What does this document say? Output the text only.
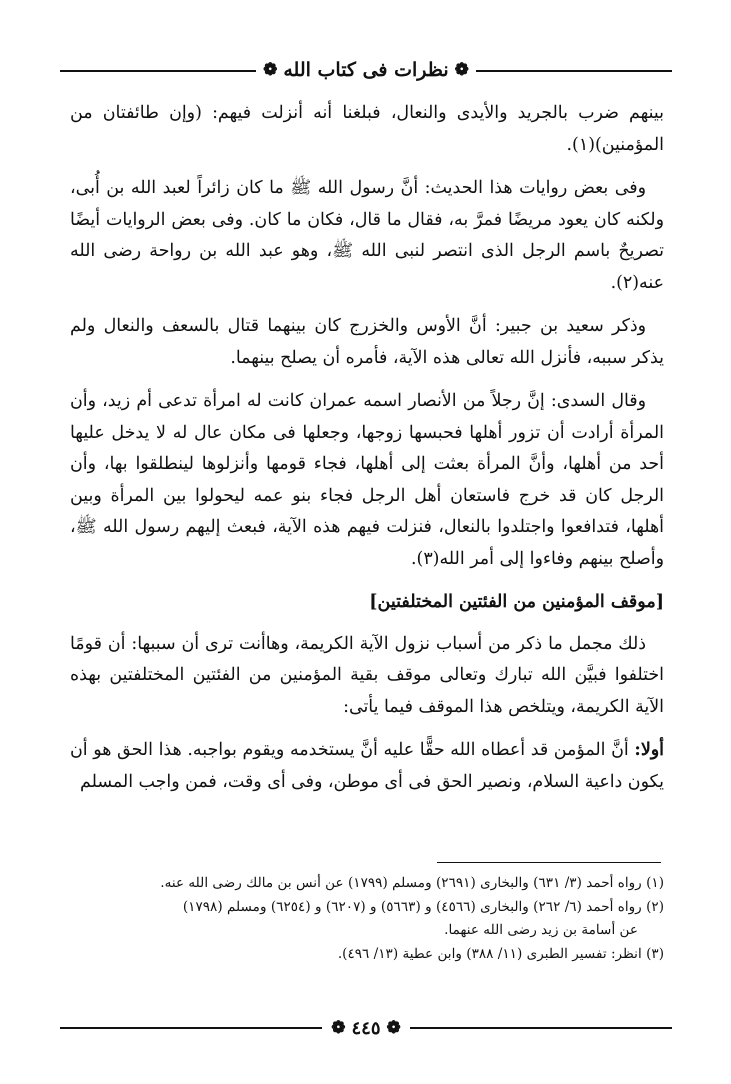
❁
نظرات فى كتاب الله
❁

بينهم ضرب بالجريد والأيدى والنعال، فبلغنا أنه أنزلت فيهم: (وإن طائفتان من المؤمنين)(١).

وفى بعض روايات هذا الحديث: أنَّ رسول الله ﷺ ما كان زائراً لعبد الله بن أُبى، ولكنه كان يعود مريضًا فمرَّ به، فقال ما قال، فكان ما كان. وفى بعض الروايات أيضًا تصريحٌ باسم الرجل الذى انتصر لنبى الله ﷺ، وهو عبد الله بن رواحة رضى الله عنه(٢).

وذكر سعيد بن جبير: أنَّ الأوس والخزرج كان بينهما قتال بالسعف والنعال ولم يذكر سببه، فأنزل الله تعالى هذه الآية، فأمره أن يصلح بينهما.

وقال السدى: إنَّ رجلاً من الأنصار اسمه عمران كانت له امرأة تدعى أم زيد، وأن المرأة أرادت أن تزور أهلها فحبسها زوجها، وجعلها فى مكان عال له لا يدخل عليها أحد من أهلها، وأنَّ المرأة بعثت إلى أهلها، فجاء قومها وأنزلوها لينطلقوا بها، وأن الرجل كان قد خرج فاستعان أهل الرجل فجاء بنو عمه ليحولوا بين المرأة وبين أهلها، فتدافعوا واجتلدوا بالنعال، فنزلت فيهم هذه الآية، فبعث إليهم رسول الله ﷺ، وأصلح بينهم وفاءوا إلى أمر الله(٣).

[موقف المؤمنين من الفئتين المختلفتين]

ذلك مجمل ما ذكر من أسباب نزول الآية الكريمة، وهاأنت ترى أن سببها: أن قومًا اختلفوا فبيَّن الله تبارك وتعالى موقف بقية المؤمنين من الفئتين المختلفتين بهذه الآية الكريمة، ويتلخص هذا الموقف فيما يأتى:

أولا: أنَّ المؤمن قد أعطاه الله حقًّا عليه أنَّ يستخدمه ويقوم بواجبه. هذا الحق هو أن يكون داعية السلام، ونصير الحق فى أى موطن، وفى أى وقت، فمن واجب المسلم

(١) رواه أحمد (٣/ ٦٣١) والبخارى (٢٦٩١) ومسلم (١٧٩٩) عن أنس بن مالك رضى الله عنه.

(٢) رواه أحمد (٦/ ٢٦٢) والبخارى (٤٥٦٦) و (٥٦٦٣) و (٦٢٠٧) و (٦٢٥٤) ومسلم (١٧٩٨)

عن أسامة بن زيد رضى الله عنهما.

(٣) انظر: تفسير الطبرى (١١/ ٣٨٨) وابن عطية (١٣/ ٤٩٦).

❁
٤٤٥
❁
